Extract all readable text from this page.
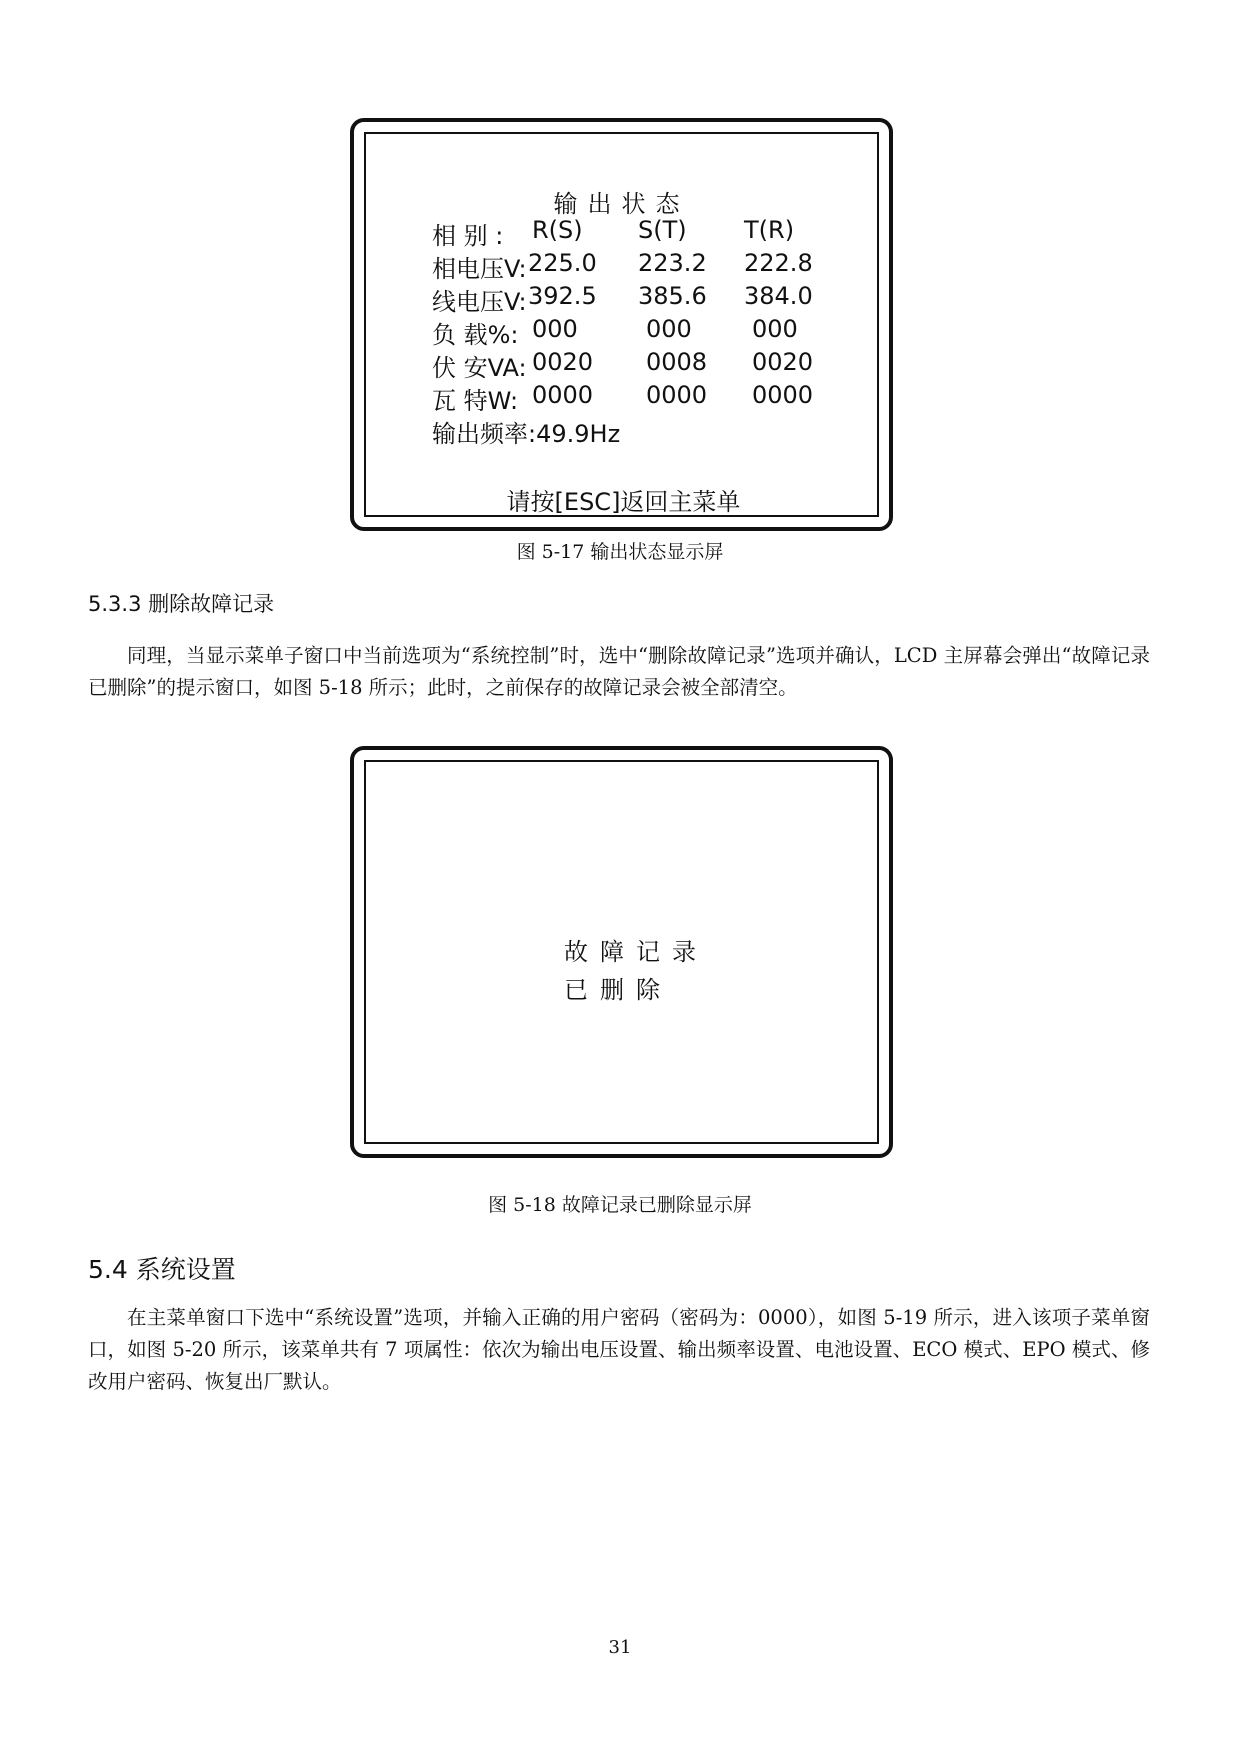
输出状态
相 别 : R(S) S(T) T(R)
相电压V: 225.0 223.2 222.8
线电压V: 392.5 385.6 384.0
负 载%: 000	000	000
伏 安VA: 0020 0008 0020
瓦 特W: 0000 0000 0000
输出频率:49.9Hz
请按[ESC]返回主菜单
图 5-17 输出状态显示屏
5.3.3 删除故障记录

同理，当显示菜单子窗口中当前选项为“系统控制”时，选中“删除故障记录”选项并确认，LCD 主屏幕会弹出“故障记录已删除”的提示窗口，如图 5-18 所示；此时，之前保存的故障记录会被全部清空。

故障记录
已删除
图 5-18 故障记录已删除显示屏
5.4 系统设置

在主菜单窗口下选中“系统设置”选项，并输入正确的用户密码（密码为：0000），如图 5-19 所示，进入该项子菜单窗口，如图 5-20 所示，该菜单共有 7 项属性：依次为输出电压设置、输出频率设置、电池设置、ECO 模式、EPO 模式、修改用户密码、恢复出厂默认。

31
